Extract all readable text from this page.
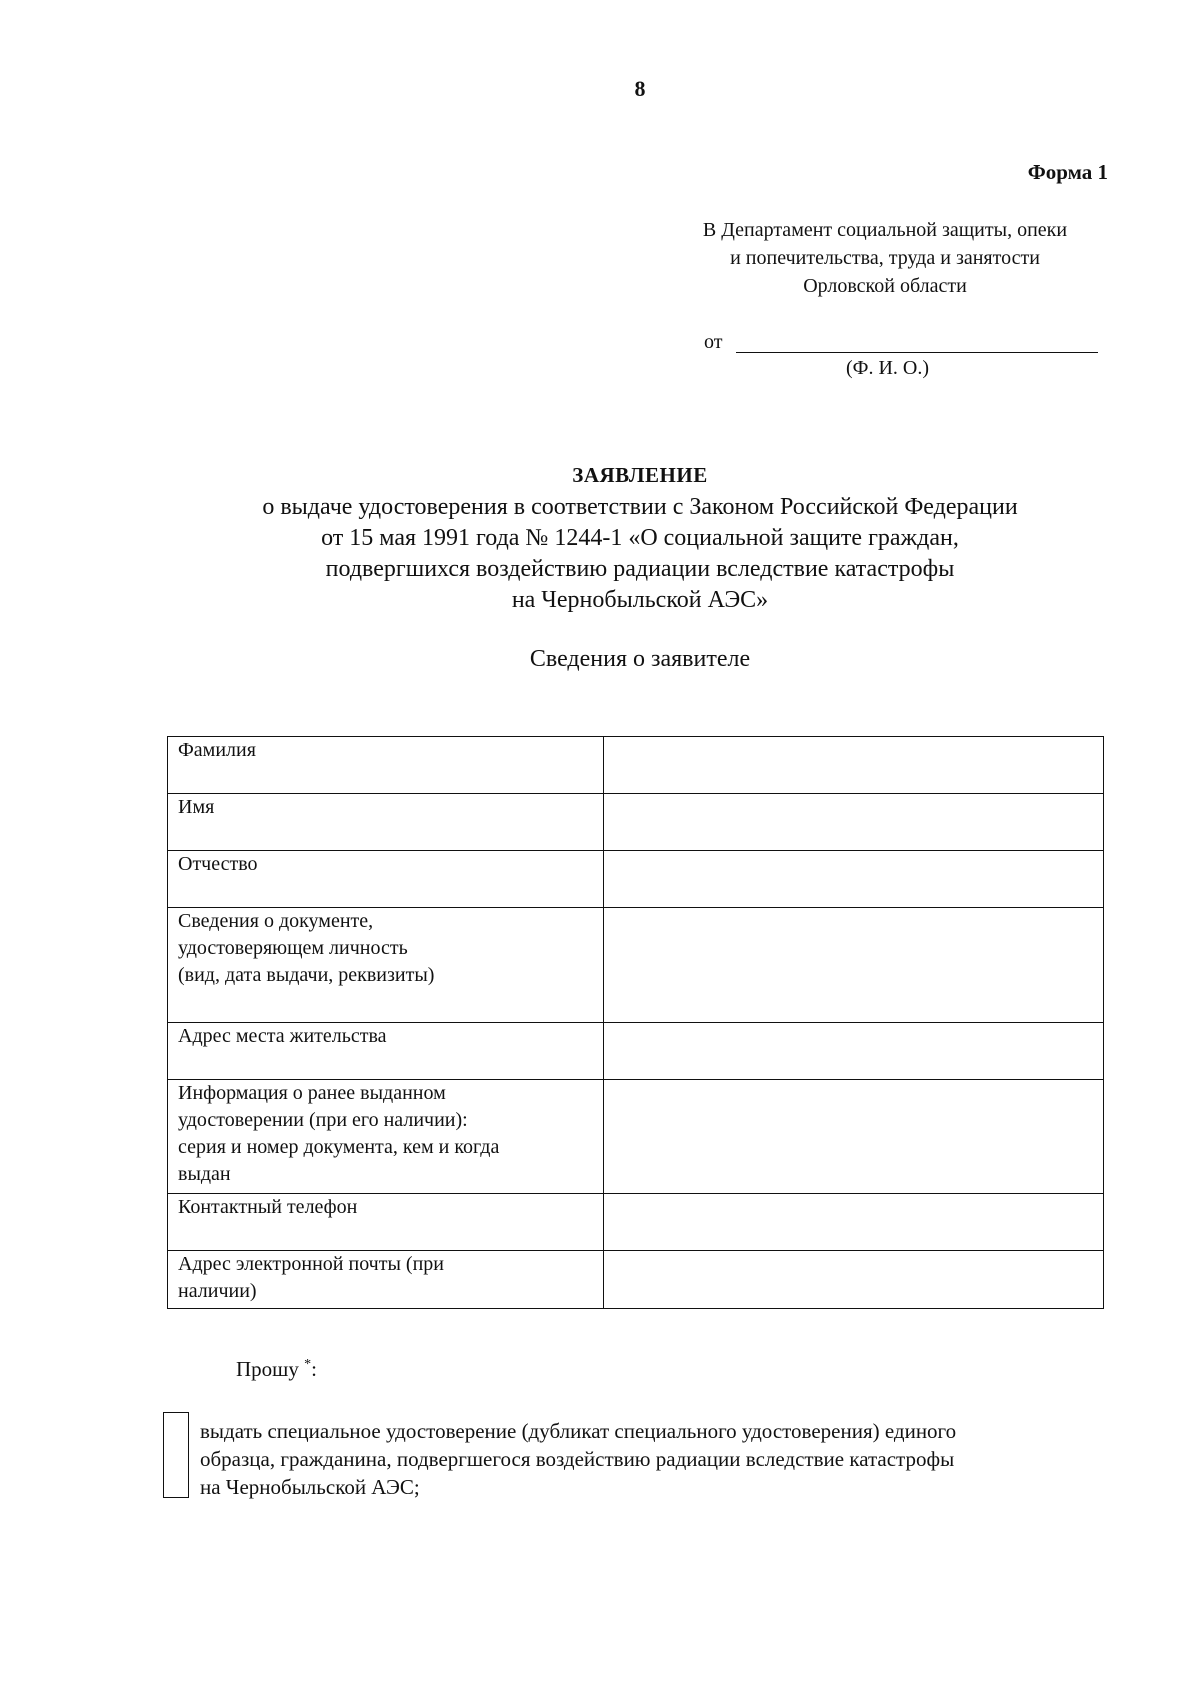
8
Форма 1
В Департамент социальной защиты, опеки
и попечительства, труда и занятости
Орловской области
от
(Ф. И. О.)
ЗАЯВЛЕНИЕ
о выдаче удостоверения в соответствии с Законом Российской Федерации
от 15 мая 1991 года № 1244-1 «О социальной защите граждан,
подвергшихся воздействию радиации вследствие катастрофы
на Чернобыльской АЭС»
Сведения о заявителе
Фамилия	
Имя	
Отчество	

Сведения о документе,
удостоверяющем личность
(вид, дата выдачи, реквизиты)	

Адрес места жительства	

Информация о ранее выданном
удостоверении (при его наличии):
серия и номер документа, кем и когда
выдан	

Контактный телефон	

Адрес электронной почты (при
наличии)	

Прошу *:
выдать специальное удостоверение (дубликат специального удостоверения) единого
образца, гражданина, подвергшегося воздействию радиации вследствие катастрофы
на Чернобыльской АЭС;
